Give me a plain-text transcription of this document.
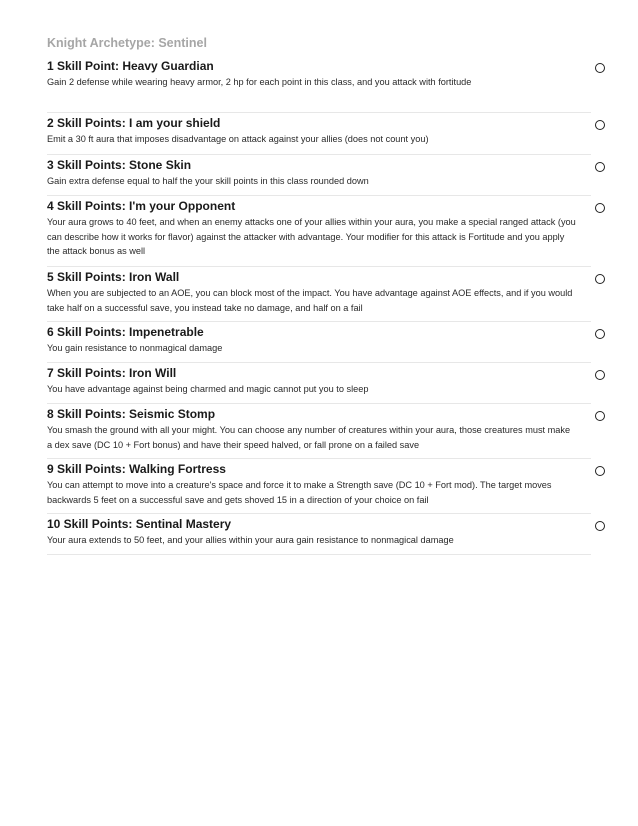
Knight Archetype: Sentinel
1 Skill Point: Heavy Guardian
Gain 2 defense while wearing heavy armor, 2 hp for each point in this class, and you attack with fortitude
2 Skill Points: I am your shield
Emit a 30 ft aura that imposes disadvantage on attack against your allies (does not count you)
3 Skill Points: Stone Skin
Gain extra defense equal to half the your skill points in this class rounded down
4 Skill Points: I'm your Opponent
Your aura grows to 40 feet, and when an enemy attacks one of your allies within your aura, you make a special ranged attack (you can describe how it works for flavor) against the attacker with advantage. Your modifier for this attack is Fortitude and you apply the attack bonus as well
5 Skill Points: Iron Wall
When you are subjected to an AOE, you can block most of the impact. You have advantage against AOE effects, and if you would take half on a successful save, you instead take no damage, and half on a fail
6 Skill Points: Impenetrable
You gain resistance to nonmagical damage
7 Skill Points: Iron Will
You have advantage against being charmed and magic cannot put you to sleep
8 Skill Points: Seismic Stomp
You smash the ground with all your might. You can choose any number of creatures within your aura, those creatures must make a dex save (DC 10 + Fort bonus) and have their speed halved, or fall prone on a failed save
9 Skill Points: Walking Fortress
You can attempt to move into a creature's space and force it to make a Strength save (DC 10 + Fort mod). The target moves backwards 5 feet on a successful save and gets shoved 15 in a direction of your choice on fail
10 Skill Points: Sentinal Mastery
Your aura extends to 50 feet, and your allies within your aura gain resistance to nonmagical damage
